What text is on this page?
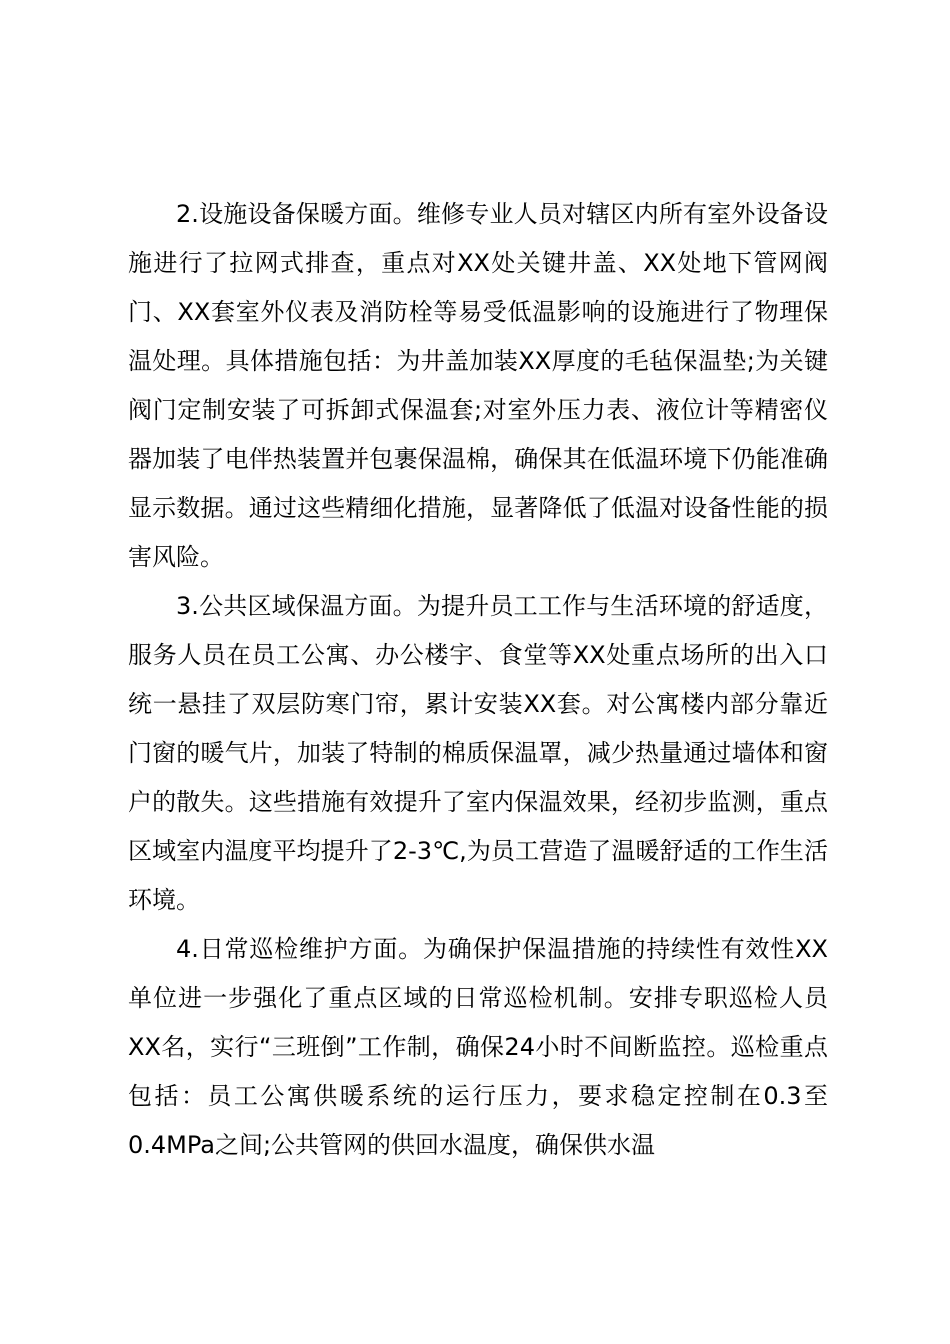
2.设施设备保暖方面。维修专业人员对辖区内所有室外设备设施进行了拉网式排查，重点对XX处关键井盖、XX处地下管网阀门、XX套室外仪表及消防栓等易受低温影响的设施进行了物理保温处理。具体措施包括：为井盖加装XX厚度的毛毡保温垫;为关键阀门定制安装了可拆卸式保温套;对室外压力表、液位计等精密仪器加装了电伴热装置并包裹保温棉，确保其在低温环境下仍能准确显示数据。通过这些精细化措施，显著降低了低温对设备性能的损害风险。

3.公共区域保温方面。为提升员工工作与生活环境的舒适度，服务人员在员工公寓、办公楼宇、食堂等XX处重点场所的出入口统一悬挂了双层防寒门帘，累计安装XX套。对公寓楼内部分靠近门窗的暖气片，加装了特制的棉质保温罩，减少热量通过墙体和窗户的散失。这些措施有效提升了室内保温效果，经初步监测，重点区域室内温度平均提升了2-3℃,为员工营造了温暖舒适的工作生活环境。

4.日常巡检维护方面。为确保护保温措施的持续性有效性XX单位进一步强化了重点区域的日常巡检机制。安排专职巡检人员XX名，实行“三班倒”工作制，确保24小时不间断监控。巡检重点包括：员工公寓供暖系统的运行压力，要求稳定控制在0.3至0.4MPa之间;公共管网的供回水温度，确保供水温
